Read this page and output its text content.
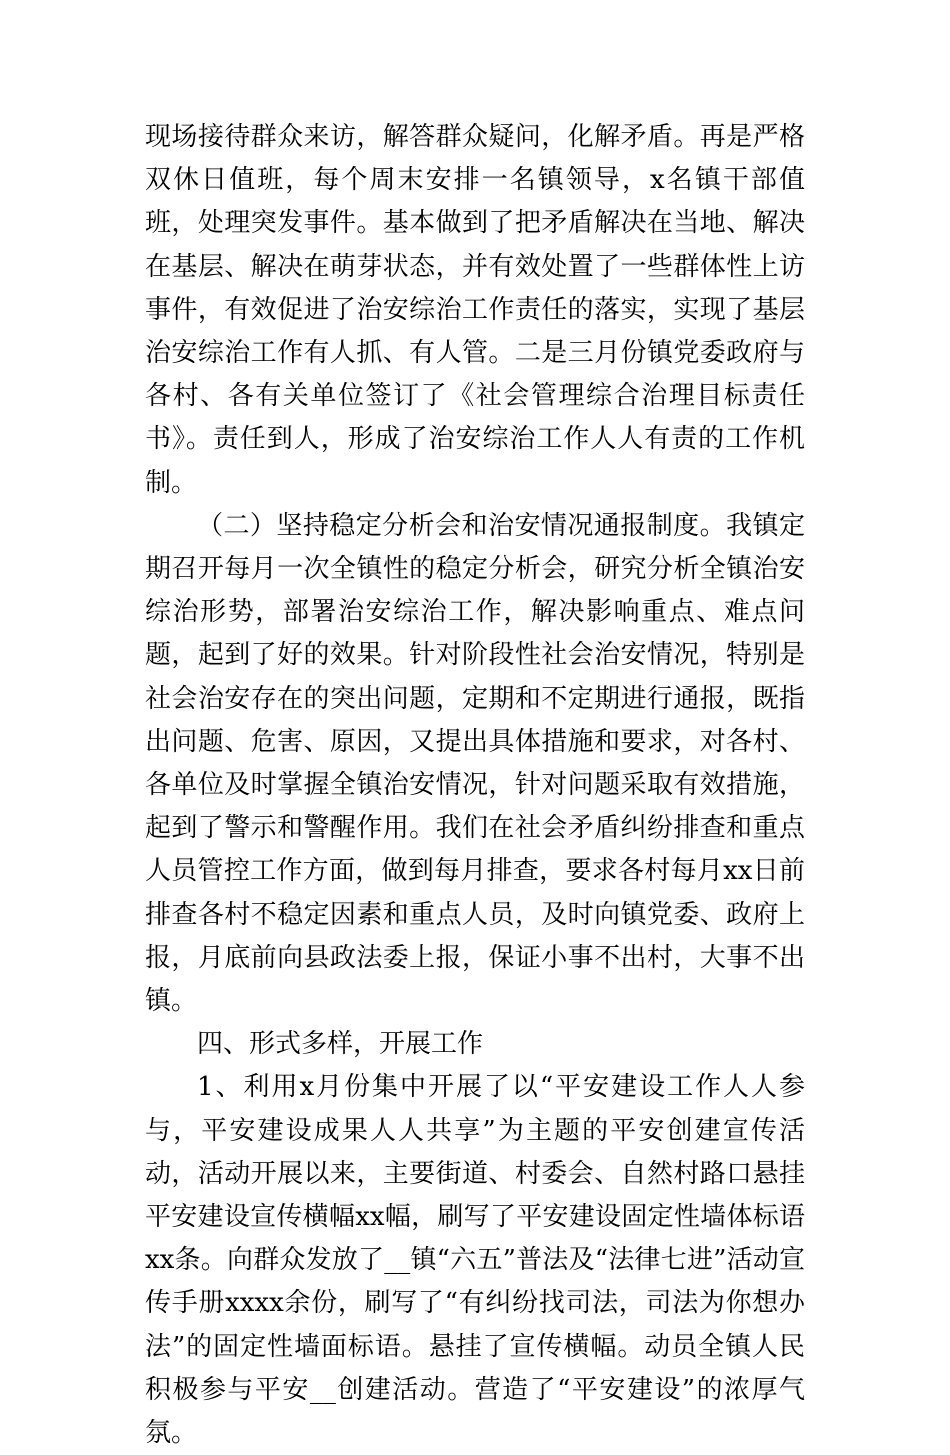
现场接待群众来访，解答群众疑问，化解矛盾。再是严格双休日值班，每个周末安排一名镇领导，x名镇干部值班，处理突发事件。基本做到了把矛盾解决在当地、解决在基层、解决在萌芽状态，并有效处置了一些群体性上访事件，有效促进了治安综治工作责任的落实，实现了基层治安综治工作有人抓、有人管。二是三月份镇党委政府与各村、各有关单位签订了《社会管理综合治理目标责任书》。责任到人，形成了治安综治工作人人有责的工作机制。

（二）坚持稳定分析会和治安情况通报制度。我镇定期召开每月一次全镇性的稳定分析会，研究分析全镇治安综治形势，部署治安综治工作，解决影响重点、难点问题，起到了好的效果。针对阶段性社会治安情况，特别是社会治安存在的突出问题，定期和不定期进行通报，既指出问题、危害、原因，又提出具体措施和要求，对各村、各单位及时掌握全镇治安情况，针对问题采取有效措施，起到了警示和警醒作用。我们在社会矛盾纠纷排查和重点人员管控工作方面，做到每月排查，要求各村每月xx日前排查各村不稳定因素和重点人员，及时向镇党委、政府上报，月底前向县政法委上报，保证小事不出村，大事不出镇。

四、形式多样，开展工作

1、利用x月份集中开展了以“平安建设工作人人参与，平安建设成果人人共享”为主题的平安创建宣传活动，活动开展以来，主要街道、村委会、自然村路口悬挂平安建设宣传横幅xx幅，刷写了平安建设固定性墙体标语xx条。向群众发放了__镇“六五”普法及“法律七进”活动宣传手册xxxx余份，刷写了“有纠纷找司法，司法为你想办法”的固定性墙面标语。悬挂了宣传横幅。动员全镇人民积极参与平安__创建活动。营造了“平安建设”的浓厚气氛。
